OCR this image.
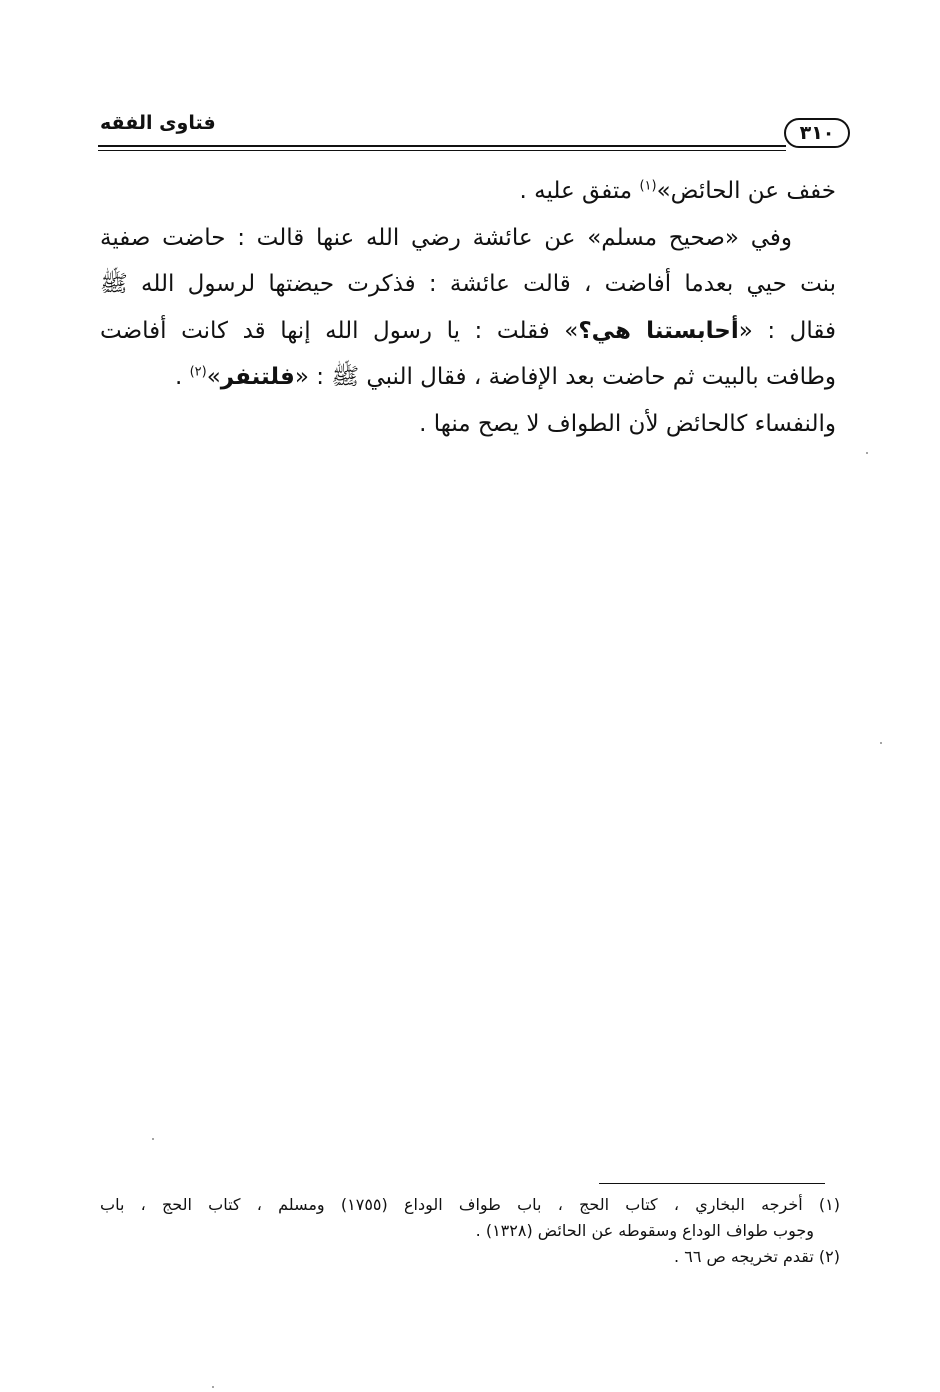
٣١٠
فتاوى الفقه
خفف عن الحائض»$^{(١)}$ متفق عليه .
وفي «صحيح مسلم» عن عائشة رضي الله عنها قالت : حاضت صفية
بنت حيي بعدما أفاضت ، قالت عائشة : فذكرت حيضتها لرسول الله ﷺ
فقال : «أحابستنا هي؟» فقلت : يا رسول الله إنها قد كانت أفاضت
وطافت بالبيت ثم حاضت بعد الإفاضة ، فقال النبي ﷺ : «فلتنفر»$^{(٢)}$ .
والنفساء كالحائض لأن الطواف لا يصح منها .
(١) أخرجه البخاري ، كتاب الحج ، باب طواف الوداع (١٧٥٥) ومسلم ، كتاب الحج ، باب
وجوب طواف الوداع وسقوطه عن الحائض (١٣٢٨) .
(٢) تقدم تخريجه ص ٦٦ .
